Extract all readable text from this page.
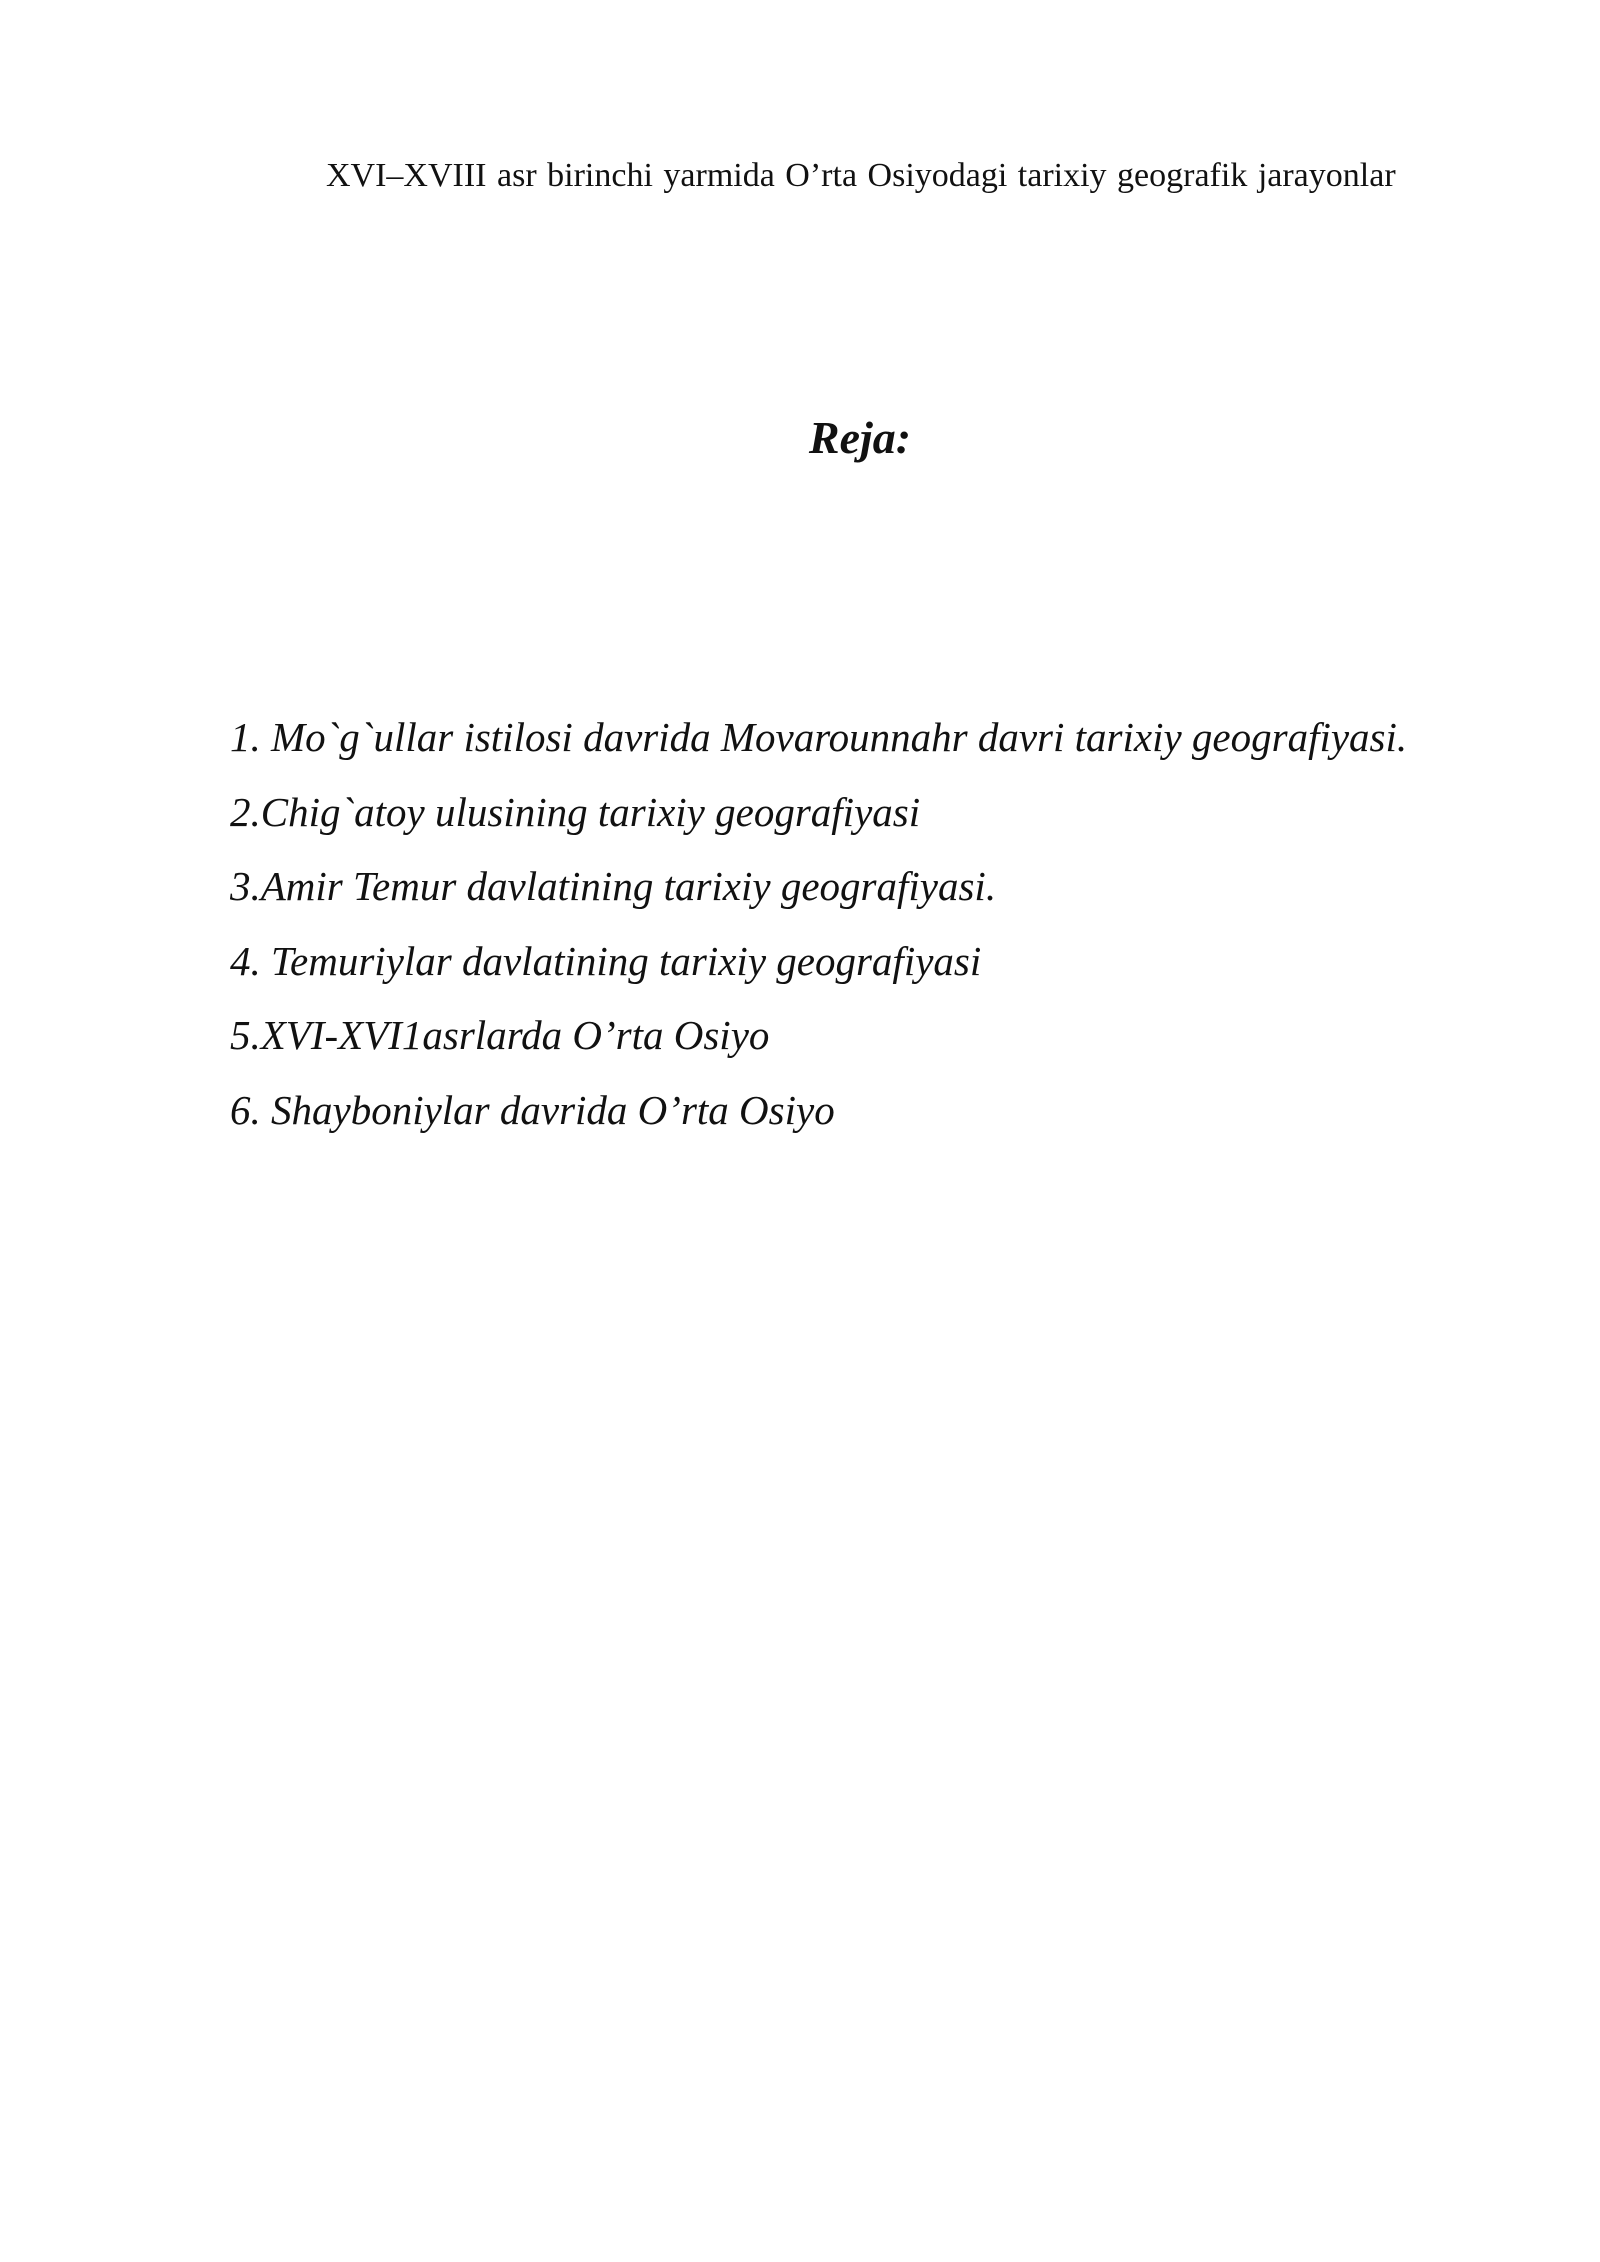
XVI–XVIII asr birinchi yarmida O’rta Osiyodagi tarixiy geografik jarayonlar

Reja:
1. Mo`g`ullar istilosi davrida Movarounnahr davri tarixiy geografiyasi.
2.Chig`atoy ulusining tarixiy geografiyasi
3.Amir Temur davlatining tarixiy geografiyasi.
4. Temuriylar davlatining tarixiy geografiyasi
5.XVI-XVI1asrlarda O’rta Osiyo
6. Shayboniylar davrida O’rta Osiyo
